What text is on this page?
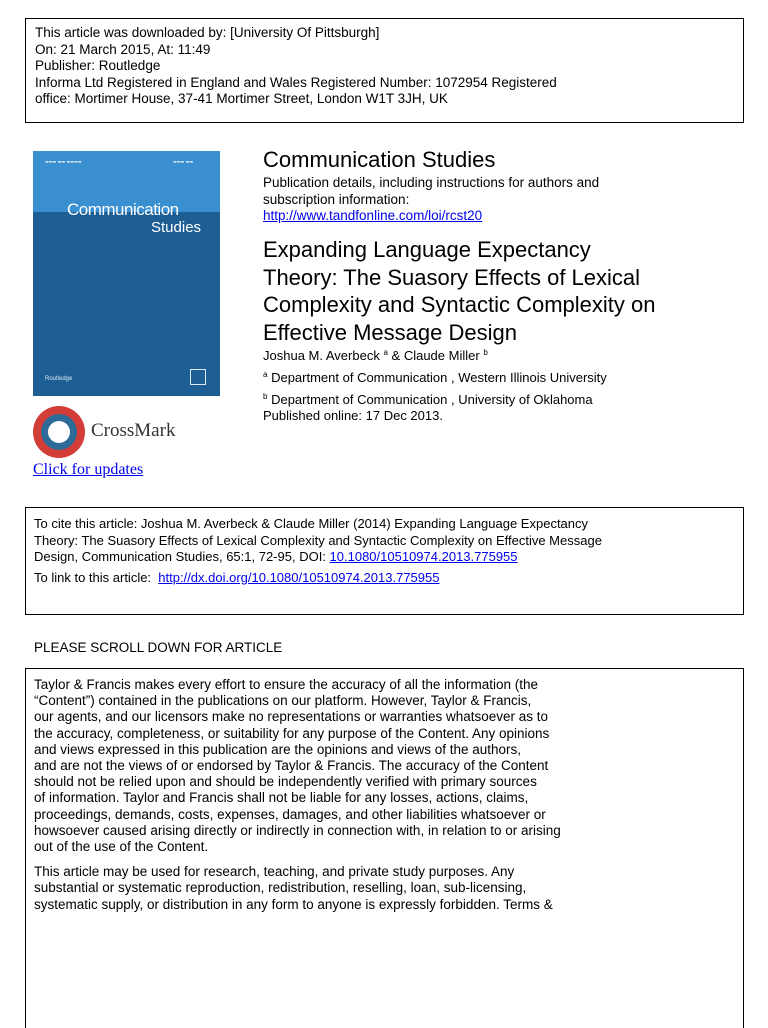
This article was downloaded by: [University Of Pittsburgh]
On: 21 March 2015, At: 11:49
Publisher: Routledge
Informa Ltd Registered in England and Wales Registered Number: 1072954 Registered
office: Mortimer House, 37-41 Mortimer Street, London W1T 3JH, UK
▬▬▬ ▬▬ ▬▬▬▬	▬▬▬ ▬▬
Communication
Studies
Routledge
CrossMark
Click for updates
Communication Studies
Publication details, including instructions for authors and
subscription information:
http://www.tandfonline.com/loi/rcst20
Expanding Language Expectancy
Theory: The Suasory Effects of Lexical
Complexity and Syntactic Complexity on
Effective Message Design
Joshua M. Averbeck $^a$ & Claude Miller $^b$
$^a$ Department of Communication , Western Illinois University
$^b$ Department of Communication , University of Oklahoma
Published online: 17 Dec 2013.
To cite this article: Joshua M. Averbeck & Claude Miller (2014) Expanding Language Expectancy
Theory: The Suasory Effects of Lexical Complexity and Syntactic Complexity on Effective Message
Design, Communication Studies, 65:1, 72-95, DOI: 10.1080/10510974.2013.775955
To link to this article:  http://dx.doi.org/10.1080/10510974.2013.775955
PLEASE SCROLL DOWN FOR ARTICLE
Taylor & Francis makes every effort to ensure the accuracy of all the information (the
“Content”) contained in the publications on our platform. However, Taylor & Francis,
our agents, and our licensors make no representations or warranties whatsoever as to
the accuracy, completeness, or suitability for any purpose of the Content. Any opinions
and views expressed in this publication are the opinions and views of the authors,
and are not the views of or endorsed by Taylor & Francis. The accuracy of the Content
should not be relied upon and should be independently verified with primary sources
of information. Taylor and Francis shall not be liable for any losses, actions, claims,
proceedings, demands, costs, expenses, damages, and other liabilities whatsoever or
howsoever caused arising directly or indirectly in connection with, in relation to or arising
out of the use of the Content.
This article may be used for research, teaching, and private study purposes. Any
substantial or systematic reproduction, redistribution, reselling, loan, sub-licensing,
systematic supply, or distribution in any form to anyone is expressly forbidden. Terms &
